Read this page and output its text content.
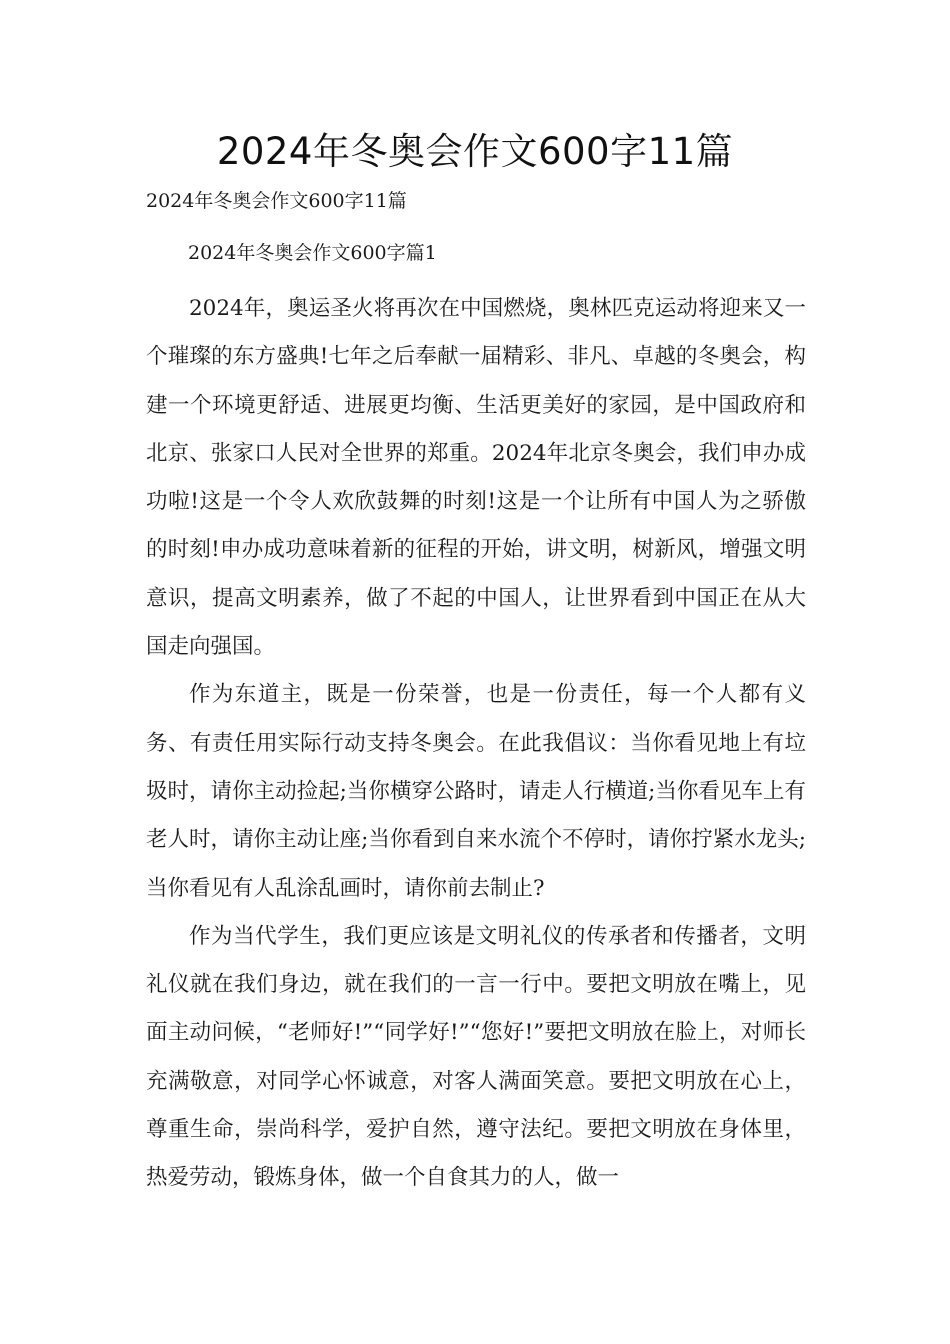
2024年冬奥会作文600字11篇

2024年冬奥会作文600字11篇

2024年冬奥会作文600字篇1

2024年，奥运圣火将再次在中国燃烧，奥林匹克运动将迎来又一个璀璨的东方盛典!七年之后奉献一届精彩、非凡、卓越的冬奥会，构建一个环境更舒适、进展更均衡、生活更美好的家园，是中国政府和北京、张家口人民对全世界的郑重。2024年北京冬奥会，我们申办成功啦!这是一个令人欢欣鼓舞的时刻!这是一个让所有中国人为之骄傲的时刻!申办成功意味着新的征程的开始，讲文明，树新风，增强文明意识，提高文明素养，做了不起的中国人，让世界看到中国正在从大国走向强国。

作为东道主，既是一份荣誉，也是一份责任，每一个人都有义务、有责任用实际行动支持冬奥会。在此我倡议：当你看见地上有垃圾时，请你主动捡起;当你横穿公路时，请走人行横道;当你看见车上有老人时，请你主动让座;当你看到自来水流个不停时，请你拧紧水龙头;当你看见有人乱涂乱画时，请你前去制止?

作为当代学生，我们更应该是文明礼仪的传承者和传播者，文明礼仪就在我们身边，就在我们的一言一行中。要把文明放在嘴上，见面主动问候，“老师好!”“同学好!”“您好!”要把文明放在脸上，对师长充满敬意，对同学心怀诚意，对客人满面笑意。要把文明放在心上，尊重生命，崇尚科学，爱护自然，遵守法纪。要把文明放在身体里，热爱劳动，锻炼身体，做一个自食其力的人，做一
